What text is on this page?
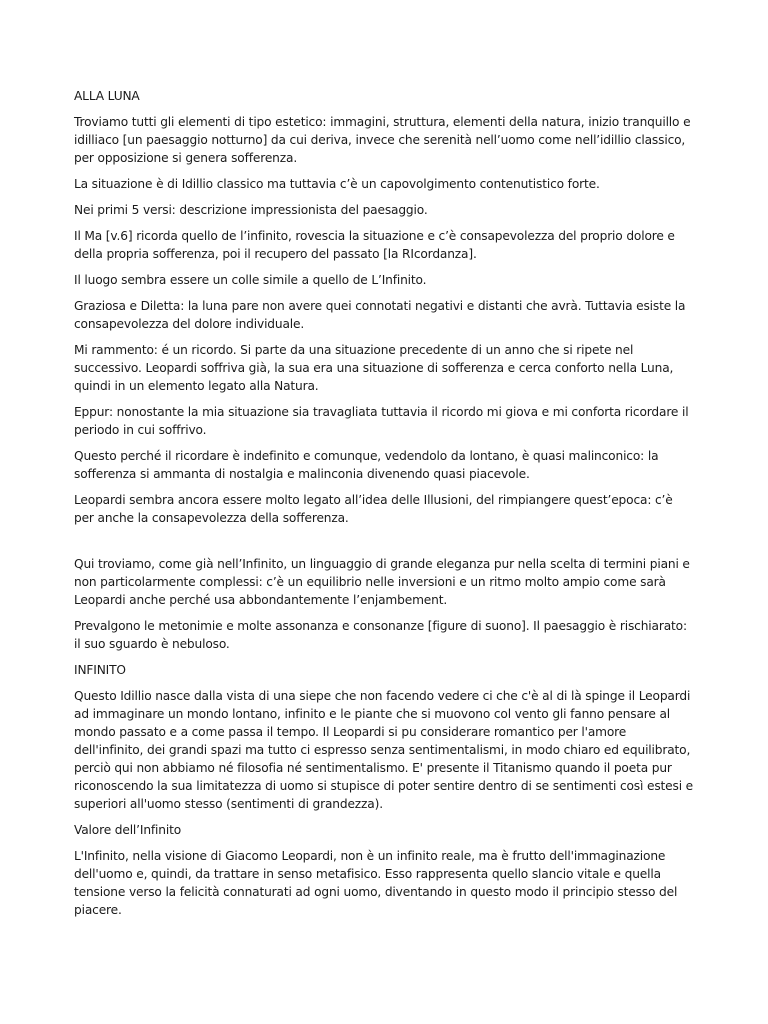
ALLA LUNA

Troviamo tutti gli elementi di tipo estetico: immagini, struttura, elementi della natura, inizio tranquillo e idilliaco [un paesaggio notturno] da cui deriva, invece che serenità nell’uomo come nell’idillio classico, per opposizione si genera sofferenza.

La situazione è di Idillio classico ma tuttavia c’è un capovolgimento contenutistico forte.

Nei primi 5 versi: descrizione impressionista del paesaggio.

Il Ma [v.6] ricorda quello de l’infinito, rovescia la situazione e c’è consapevolezza del proprio dolore e della propria sofferenza, poi il recupero del passato [la RIcordanza].

Il luogo sembra essere un colle simile a quello de L’Infinito.

Graziosa e Diletta: la luna pare non avere quei connotati negativi e distanti che avrà. Tuttavia esiste la consapevolezza del dolore individuale.

Mi rammento: é un ricordo. Si parte da una situazione precedente di un anno che si ripete nel successivo. Leopardi soffriva già, la sua era una situazione di sofferenza e cerca conforto nella Luna, quindi in un elemento legato alla Natura.

Eppur: nonostante la mia situazione sia travagliata tuttavia il ricordo mi giova e mi conforta ricordare il periodo in cui soffrivo.

Questo perché il ricordare è indefinito e comunque, vedendolo da lontano, è quasi malinconico: la sofferenza si ammanta di nostalgia e malinconia divenendo quasi piacevole.

Leopardi sembra ancora essere molto legato all’idea delle Illusioni, del rimpiangere quest’epoca: c’è per anche la consapevolezza della sofferenza.

Qui troviamo, come già nell’Infinito, un linguaggio di grande eleganza pur nella scelta di termini piani e non particolarmente complessi: c’è un equilibrio nelle inversioni e un ritmo molto ampio come sarà Leopardi anche perché usa abbondantemente l’enjambement.

Prevalgono le metonimie e molte assonanza e consonanze [figure di suono]. Il paesaggio è rischiarato: il suo sguardo è nebuloso.

INFINITO

Questo Idillio nasce dalla vista di una siepe che non facendo vedere ci che c'è al di là spinge il Leopardi ad immaginare un mondo lontano, infinito e le piante che si muovono col vento gli fanno pensare al mondo passato e a come passa il tempo. Il Leopardi si pu considerare romantico per l'amore dell'infinito, dei grandi spazi ma tutto ci espresso senza sentimentalismi, in modo chiaro ed equilibrato, perciò qui non abbiamo né filosofia né sentimentalismo. E' presente il Titanismo quando il poeta pur riconoscendo la sua limitatezza di uomo si stupisce di poter sentire dentro di se sentimenti così estesi e superiori all'uomo stesso (sentimenti di grandezza).

Valore dell’Infinito

L'Infinito, nella visione di Giacomo Leopardi, non è un infinito reale, ma è frutto dell'immaginazione dell'uomo e, quindi, da trattare in senso metafisico. Esso rappresenta quello slancio vitale e quella tensione verso la felicità connaturati ad ogni uomo, diventando in questo modo il principio stesso del piacere.
